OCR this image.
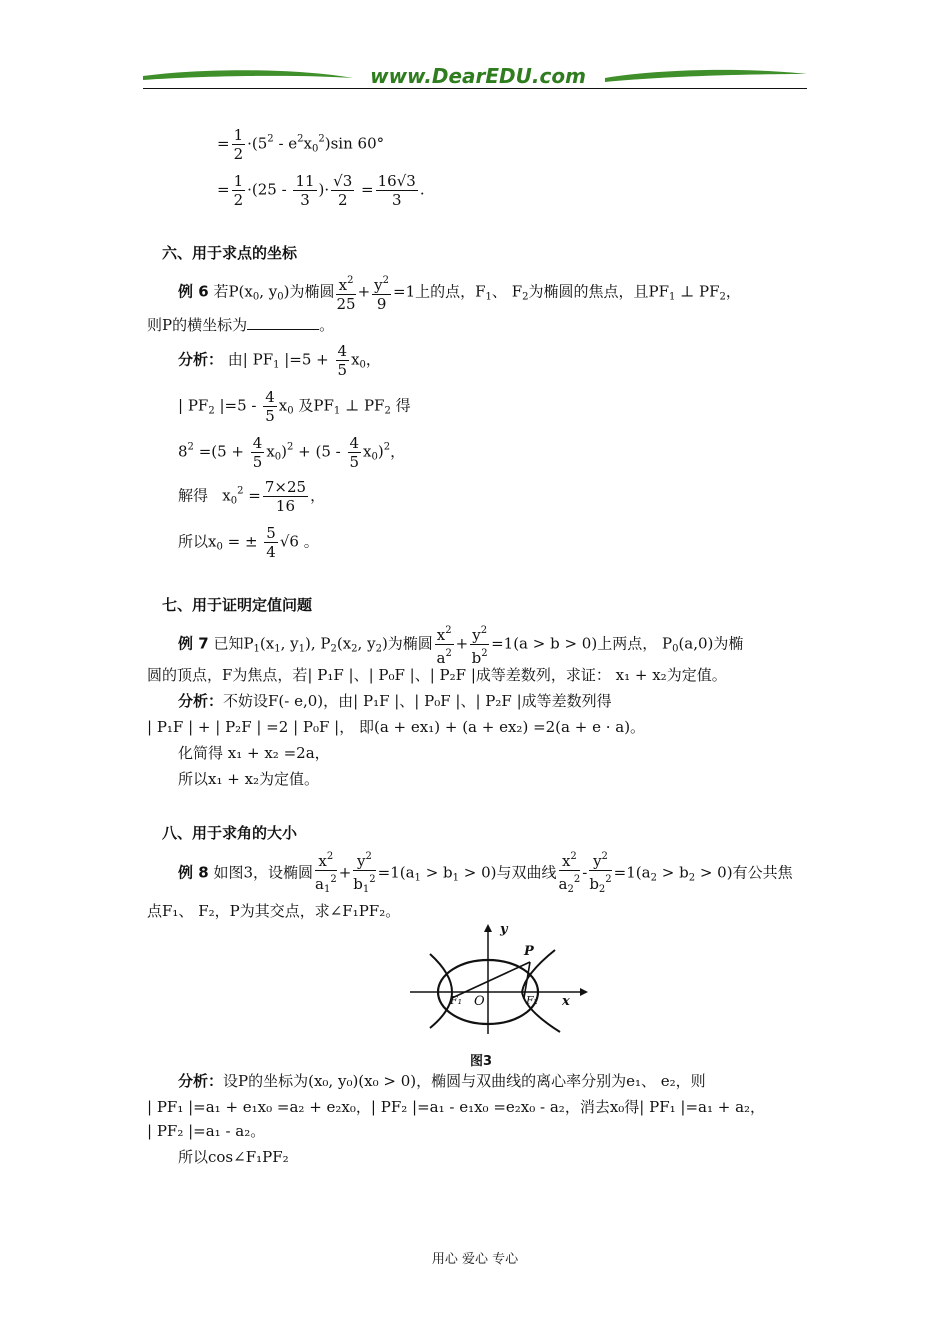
www.DearEDU.com
= $\frac{1}{2} \cdot(5^2 - e^2x_0^2)\sin$ 60°
= $\frac{1}{2} \cdot(25 - \frac{11}{3}$ )· $\frac{√3}{2} = \frac{16√3}{3}$ .
六、用于求点的坐标
例 6 若$P(x_0$, $y_0$)为椭圆 $\frac{x^2}{25} + \frac{y^2}{9} =1$上的点，$F_1$、 $F_2$为椭圆的焦点，且$PF_1$ ⊥ $PF_2$，
则P的横坐标为	。
分析： 由| $PF_1$ $|=5 + \frac{4}{5} x_0$，
| $PF_2$ $|=5 - \frac{4}{5} x_0$ 及$PF_1$ ⊥ $PF_2$ 得
$8^2 =(5 + \frac{4}{5} x_0)^2 + (5 - \frac{4}{5} x_0)^2$，
解得   $x_0^2 = \frac{7\times 25}{16}$ ，
所以$x_0$ = ± $\frac{5}{4} √6$ 。
七、用于证明定值问题
例 7 已知$P_1(x_1$, $y_1$), $P_2(x_2$, $y_2$)为椭圆 $\frac{x^2}{a^2} + \frac{y^2}{b^2} =1(a > b > 0)$上两点， $P_0(a,0)$为椭
圆的顶点，F为焦点，若| P₁F |、| P₀F |、| P₂F |成等差数列，求证： x₁ + x₂为定值。
分析：不妨设F(- e,0)，由| P₁F |、| P₀F |、| P₂F |成等差数列得
| P₁F | + | P₂F | =2 | P₀F |， 即(a + ex₁) + (a + ex₂) =2(a + e · a)。
化简得 x₁ + x₂ =2a，
所以x₁ + x₂为定值。
八、用于求角的大小
例 8 如图3，设椭圆 $\frac{x^2}{a_1^2} + \frac{y^2}{b_1^2} =1(a_1 > b_1 > 0)$与双曲线 $\frac{x^2}{a_2^2} - \frac{y^2}{b_2^2} =1(a_2 > b_2 > 0)$有公共焦
点F₁、 F₂，P为其交点，求∠F₁PF₂。
y
P
F₁ O	F₂ x
图3
分析：设P的坐标为(x₀, y₀)(x₀ > 0)，椭圆与双曲线的离心率分别为e₁、 e₂，则
| PF₁ |=a₁ + e₁x₀ =a₂ + e₂x₀，| PF₂ |=a₁ - e₁x₀ =e₂x₀ - a₂，消去x₀得| PF₁ |=a₁ + a₂，
| PF₂ |=a₁ - a₂。
所以cos∠F₁PF₂
用心 爱心 专心
